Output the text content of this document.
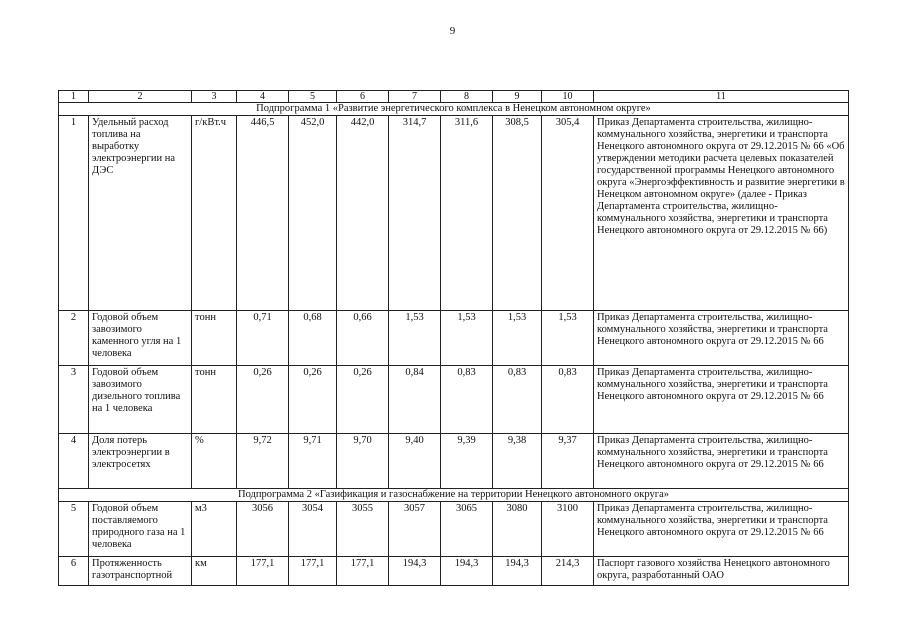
9
1	2	3	4	5	6	7	8	9	10	11
Подпрограмма 1 «Развитие энергетического комплекса в Ненецком автономном округе»										
1	Удельный расход топлива на выработку электроэнергии на ДЭС	г/кВт.ч	446,5	452,0	442,0	314,7	311,6	308,5	305,4	Приказ Департамента строительства, жилищно-коммунального хозяйства, энергетики и транспорта Ненецкого автономного округа от 29.12.2015 № 66 «Об утверждении методики расчета целевых показателей государственной программы Ненецкого автономного округа «Энергоэффективность и развитие энергетики в Ненецком автономном округе» (далее - Приказ Департамента строительства, жилищно-коммунального хозяйства, энергетики и транспорта Ненецкого автономного округа от 29.12.2015 № 66)
2	Годовой объем завозимого каменного угля на 1 человека	тонн	0,71	0,68	0,66	1,53	1,53	1,53	1,53	Приказ Департамента строительства, жилищно-коммунального хозяйства, энергетики и транспорта Ненецкого автономного округа от 29.12.2015 № 66
3	Годовой объем завозимого дизельного топлива на 1 человека	тонн	0,26	0,26	0,26	0,84	0,83	0,83	0,83	Приказ Департамента строительства, жилищно-коммунального хозяйства, энергетики и транспорта Ненецкого автономного округа от 29.12.2015 № 66
4	Доля потерь электроэнергии в электросетях	%	9,72	9,71	9,70	9,40	9,39	9,38	9,37	Приказ Департамента строительства, жилищно-коммунального хозяйства, энергетики и транспорта Ненецкого автономного округа от 29.12.2015 № 66
Подпрограмма 2 «Газификация и газоснабжение на территории Ненецкого автономного округа»										
5	Годовой объем поставляемого природного газа на 1 человека	м3	3056	3054	3055	3057	3065	3080	3100	Приказ Департамента строительства, жилищно-коммунального хозяйства, энергетики и транспорта Ненецкого автономного округа от 29.12.2015 № 66
6	Протяженность газотранспортной	км	177,1	177,1	177,1	194,3	194,3	194,3	214,3	Паспорт газового хозяйства Ненецкого автономного округа, разработанный ОАО
